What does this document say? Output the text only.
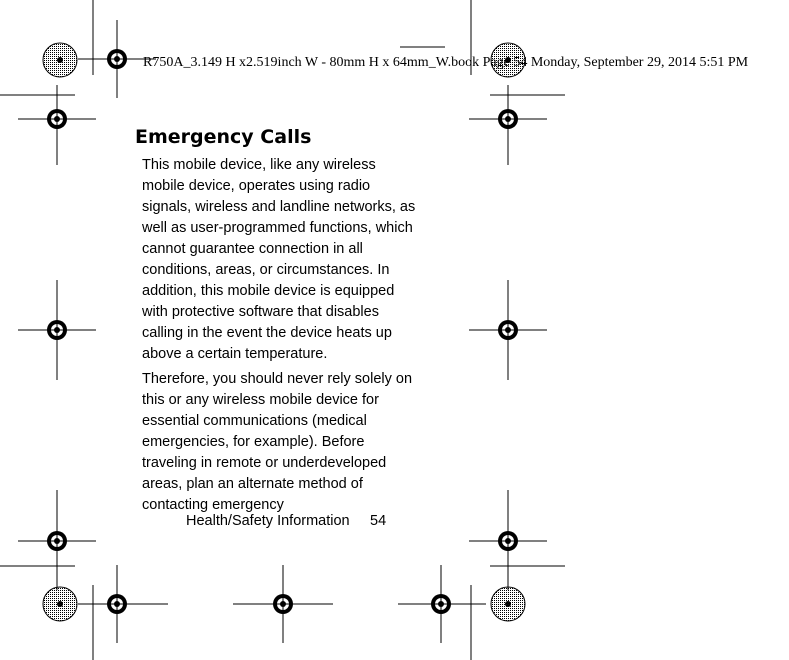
R750A_3.149 H x2.519inch W - 80mm H x 64mm_W.book Page 54 Monday, September 29, 2014 5:51 PM
Emergency Calls

This mobile device, like any wireless mobile device, operates using radio signals, wireless and landline networks, as well as user-programmed functions, which cannot guarantee connection in all conditions, areas, or circumstances. In addition, this mobile device is equipped with protective software that disables calling in the event the device heats up above a certain temperature.

Therefore, you should never rely solely on this or any wireless mobile device for essential communications (medical emergencies, for example). Before traveling in remote or underdeveloped areas, plan an alternate method of contacting emergency

Health/Safety Information 54
